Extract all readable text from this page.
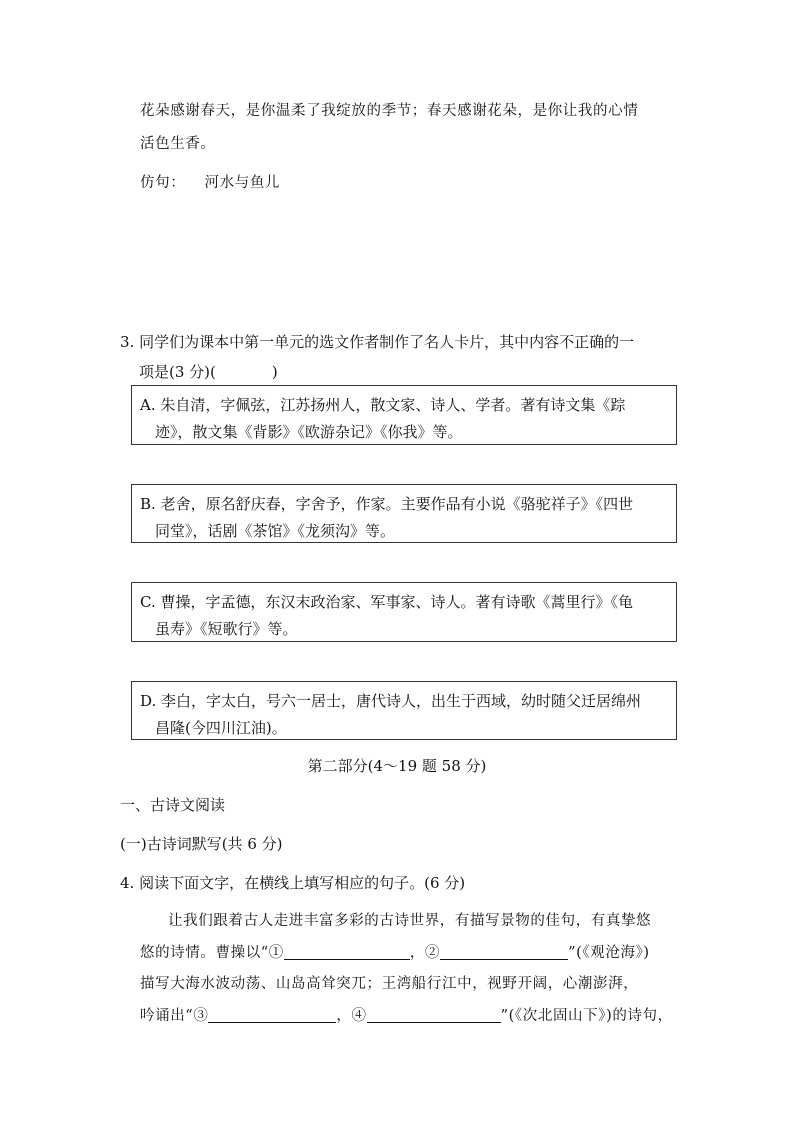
花朵感谢春天，是你温柔了我绽放的季节；春天感谢花朵，是你让我的心情
活色生香。
仿句： 河水与鱼儿
3. 同学们为课本中第一单元的选文作者制作了名人卡片，其中内容不正确的一
项是(3 分)(	)
A. 朱自清，字佩弦，江苏扬州人，散文家、诗人、学者。著有诗文集《踪
迹》，散文集《背影》《欧游杂记》《你我》等。
B. 老舍，原名舒庆春，字舍予，作家。主要作品有小说《骆驼祥子》《四世
同堂》，话剧《茶馆》《龙须沟》等。
C. 曹操，字孟德，东汉末政治家、军事家、诗人。著有诗歌《蒿里行》《龟
虽寿》《短歌行》等。
D. 李白，字太白，号六一居士，唐代诗人，出生于西域，幼时随父迁居绵州
昌隆(今四川江油)。
第二部分(4～19 题 58 分)
一、古诗文阅读
(一)古诗词默写(共 6 分)
4. 阅读下面文字，在横线上填写相应的句子。(6 分)
让我们跟着古人走进丰富多彩的古诗世界，有描写景物的佳句，有真挚悠
悠的诗情。曹操以“①	，②	”(《观沧海》)
描写大海水波动荡、山岛高耸突兀；王湾船行江中，视野开阔，心潮澎湃，
吟诵出“③	，④	”(《次北固山下》)的诗句，
